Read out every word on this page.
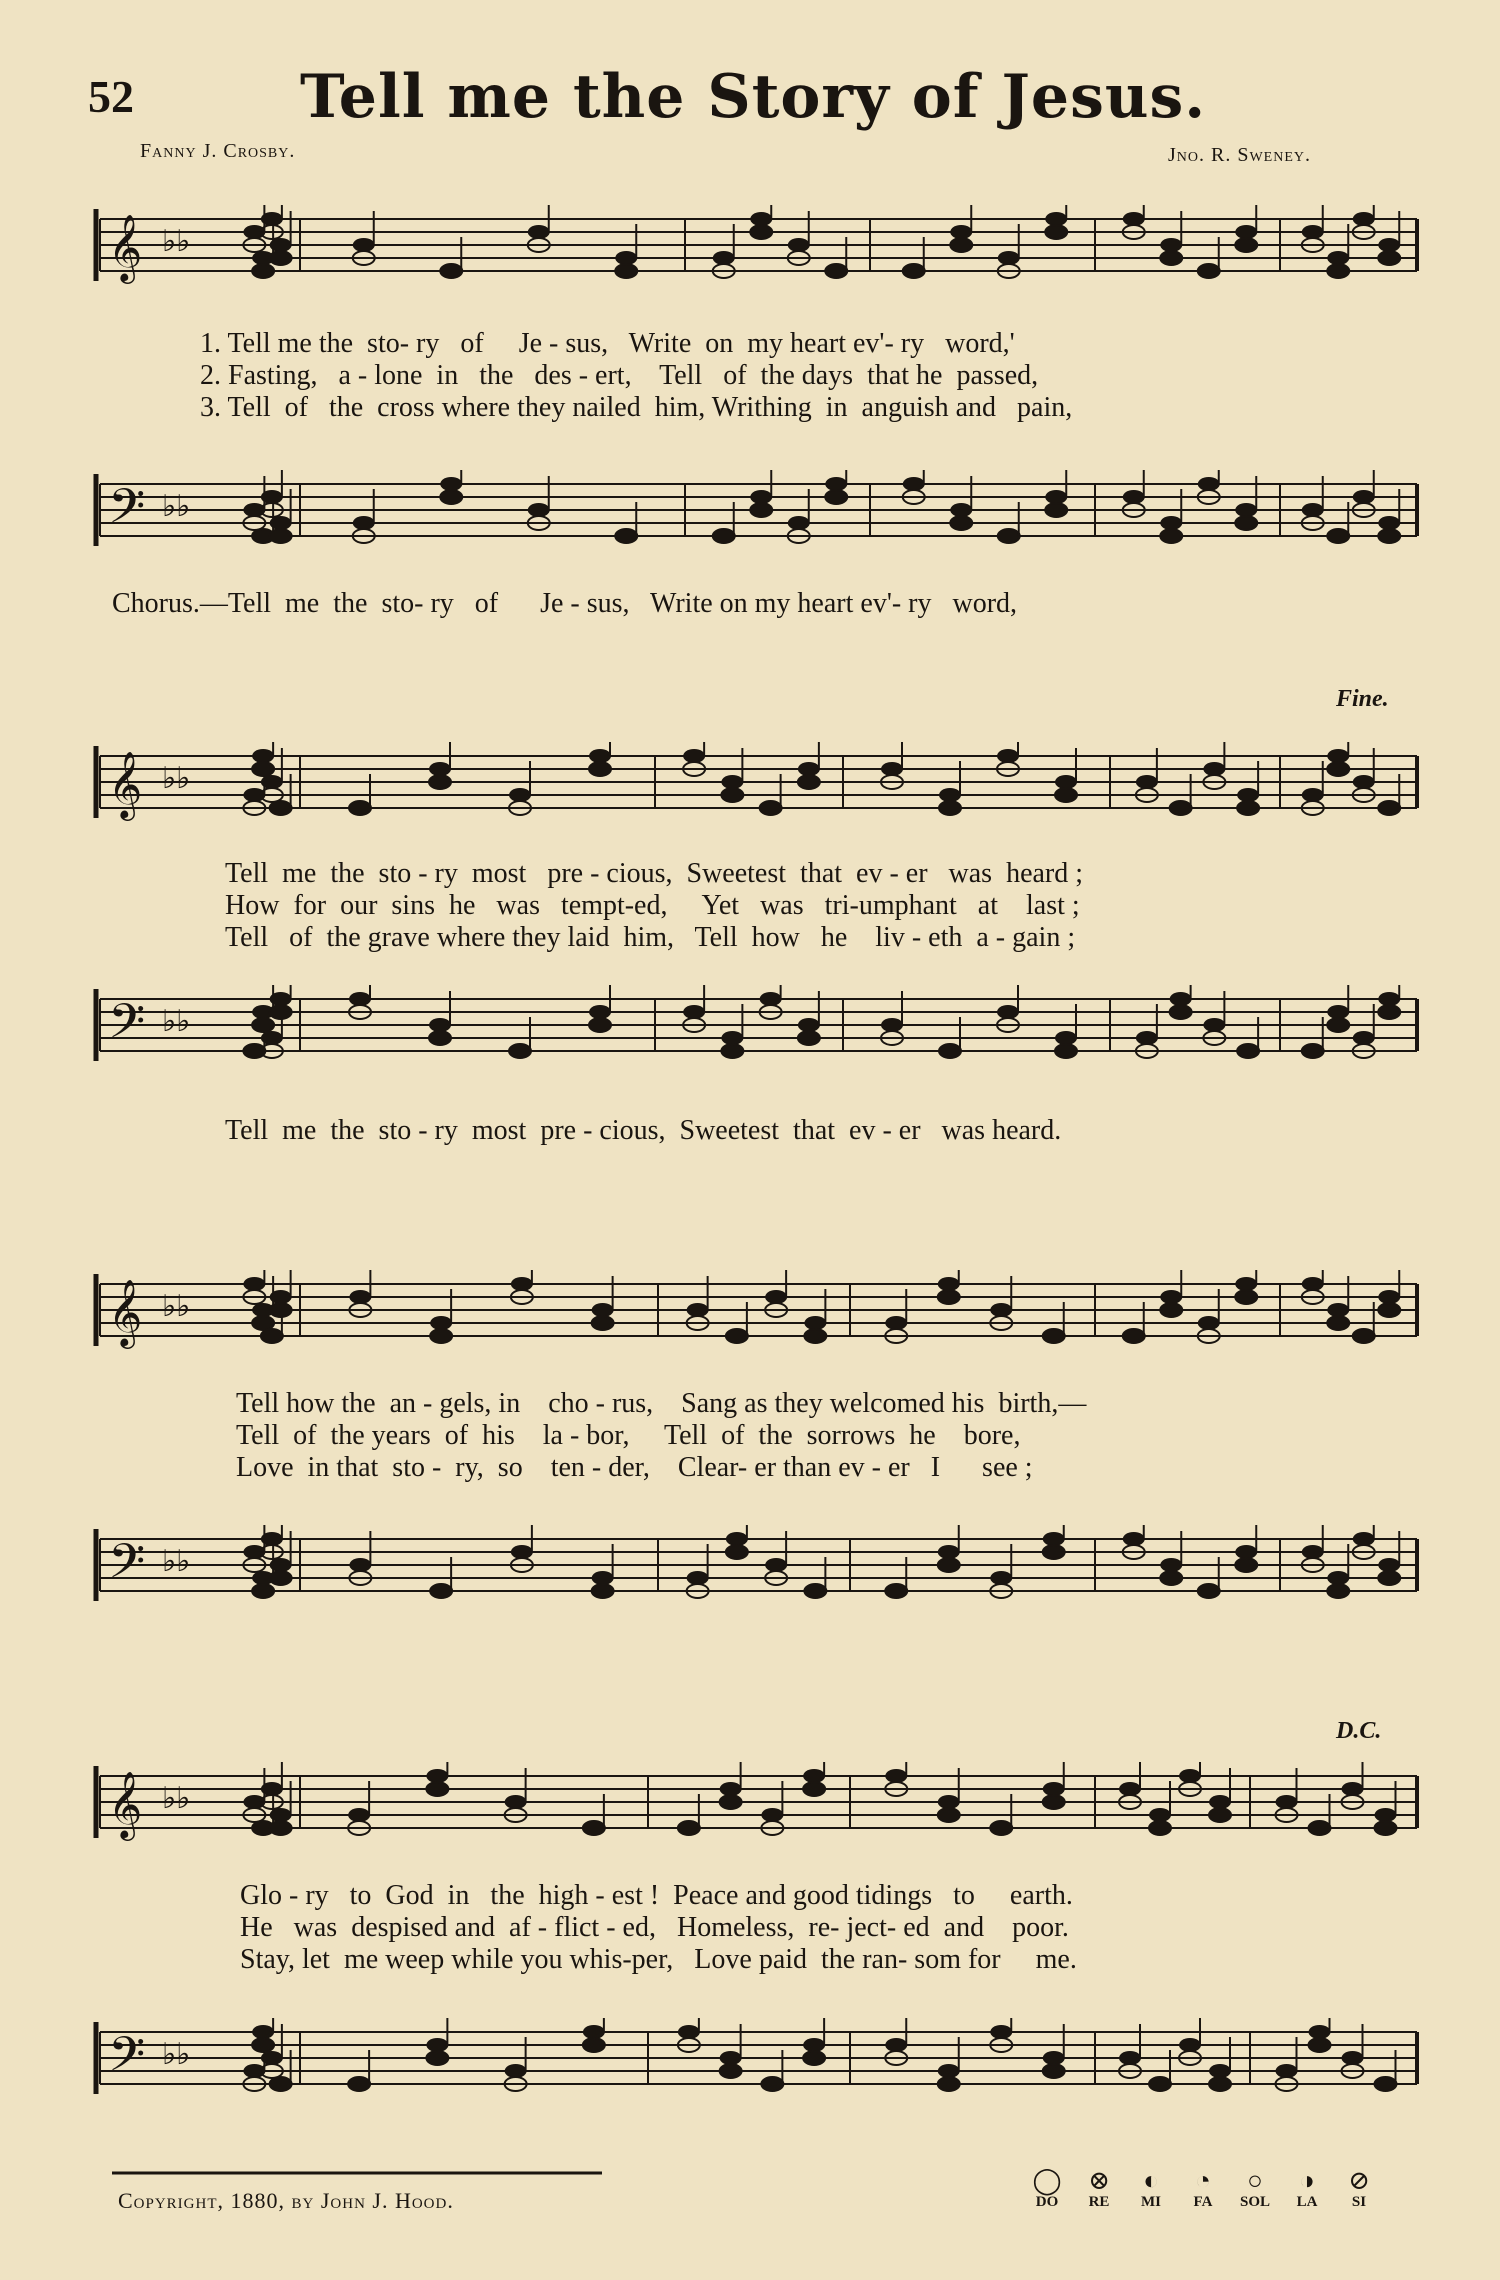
52	Tell me the Story of Jesus.
Fanny J. Crosby.	Jno. R. Sweney.
𝄞 ♭♭
1. Tell me the  sto- ry   of     Je - sus,   Write  on  my heart ev'- ry   word,'
2. Fasting,   a - lone  in   the   des - ert,    Tell   of  the days  that he  passed,
3. Tell  of   the  cross where they nailed  him, Writhing  in  anguish and   pain,
𝄢 ♭♭
Chorus.—Tell  me  the  sto- ry   of      Je - sus,   Write on my heart ev'- ry   word,
Fine.
𝄞 ♭♭
Tell  me  the  sto - ry  most   pre - cious,  Sweetest  that  ev - er   was  heard ;
How  for  our  sins  he   was   tempt-ed,     Yet   was   tri-umphant   at    last ;
Tell   of  the grave where they laid  him,   Tell  how   he    liv - eth  a - gain ;
𝄢 ♭♭
Tell  me  the  sto - ry  most  pre - cious,  Sweetest  that  ev - er   was heard.
𝄞 ♭♭
Tell how the  an - gels, in    cho - rus,    Sang as they welcomed his  birth,—
Tell  of  the years  of  his    la - bor,     Tell  of  the  sorrows  he    bore,
Love  in that  sto -  ry,  so    ten - der,    Clear- er than ev - er   I      see ;
𝄢 ♭♭
D.C.
𝄞 ♭♭
Glo - ry   to  God  in   the  high - est !  Peace and good tidings   to     earth.
He   was  despised and  af - flict - ed,   Homeless,  re- ject- ed  and    poor.
Stay, let  me weep while you whis-per,   Love paid  the ran- som for     me.
𝄢 ♭♭
Copyright, 1880, by John J. Hood.
◯
DO
⊗
RE
◐
MI
◔
FA
○
SOL
◑
LA
⊘
SI
